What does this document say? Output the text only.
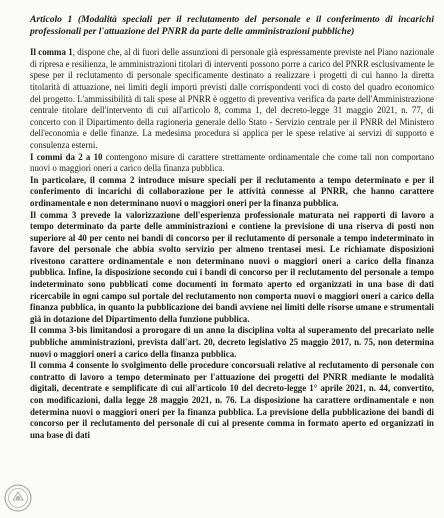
Articolo 1 (Modalità speciali per il reclutamento del personale e il conferimento di incarichi professionali per l'attuazione del PNRR da parte delle amministrazioni pubbliche)

Il comma 1, dispone che, al di fuori delle assunzioni di personale già espressamente previste nel Piano nazionale di ripresa e resilienza, le amministrazioni titolari di interventi possono porre a carico del PNRR esclusivamente le spese per il reclutamento di personale specificamente destinato a realizzare i progetti di cui hanno la diretta titolarità di attuazione, nei limiti degli importi previsti dalle corrispondenti voci di costo del quadro economico del progetto. L'ammissibilità di tali spese al PNRR è oggetto di preventiva verifica da parte dell'Amministrazione centrale titolare dell'intervento di cui all'articolo 8, comma 1, del decreto-legge 31 maggio 2021, n. 77, di concerto con il Dipartimento della ragioneria generale dello Stato - Servizio centrale per il PNRR del Ministero dell'economia e delle finanze. La medesima procedura si applica per le spese relative ai servizi di supporto e consulenza esterni.

I commi da 2 a 10 contengono misure di carattere strettamente ordinamentale che come tali non comportano nuovi o maggiori oneri a carico della finanza pubblica.

In particolare, il comma 2 introduce misure speciali per il reclutamento a tempo determinato e per il conferimento di incarichi di collaborazione per le attività connesse al PNRR, che hanno carattere ordinamentale e non determinano nuovi o maggiori oneri per la finanza pubblica.

Il comma 3 prevede la valorizzazione dell'esperienza professionale maturata nei rapporti di lavoro a tempo determinato da parte delle amministrazioni e contiene la previsione di una riserva di posti non superiore al 40 per cento nei bandi di concorso per il reclutamento di personale a tempo indeterminato in favore del personale che abbia svolto servizio per almeno trentasei mesi. Le richiamate disposizioni rivestono carattere ordinamentale e non determinano nuovi o maggiori oneri a carico della finanza pubblica. Infine, la disposizione secondo cui i bandi di concorso per il reclutamento del personale a tempo indeterminato sono pubblicati come documenti in formato aperto ed organizzati in una base di dati ricercabile in ogni campo sul portale del reclutamento non comporta nuovi o maggiori oneri a carico della finanza pubblica, in quanto la pubblicazione dei bandi avviene nei limiti delle risorse umane e strumentali già in dotazione del Dipartimento della funzione pubblica.

Il comma 3-bis limitandosi a prorogare di un anno la disciplina volta al superamento del precariato nelle pubbliche amministrazioni, prevista dall'art. 20, decreto legislativo 25 maggio 2017, n. 75, non determina nuovi o maggiori oneri a carico della finanza pubblica.

Il comma 4 consente lo svolgimento delle procedure concorsuali relative al reclutamento di personale con contratto di lavoro a tempo determinato per l'attuazione dei progetti del PNRR mediante le modalità digitali, decentrate e semplificate di cui all'articolo 10 del decreto-legge 1° aprile 2021, n. 44, convertito, con modificazioni, dalla legge 28 maggio 2021, n. 76. La disposizione ha carattere ordinamentale e non determina nuovi o maggiori oneri per la finanza pubblica. La previsione della pubblicazione dei bandi di concorso per il reclutamento del personale di cui al presente comma in formato aperto ed organizzati in una base di dati
